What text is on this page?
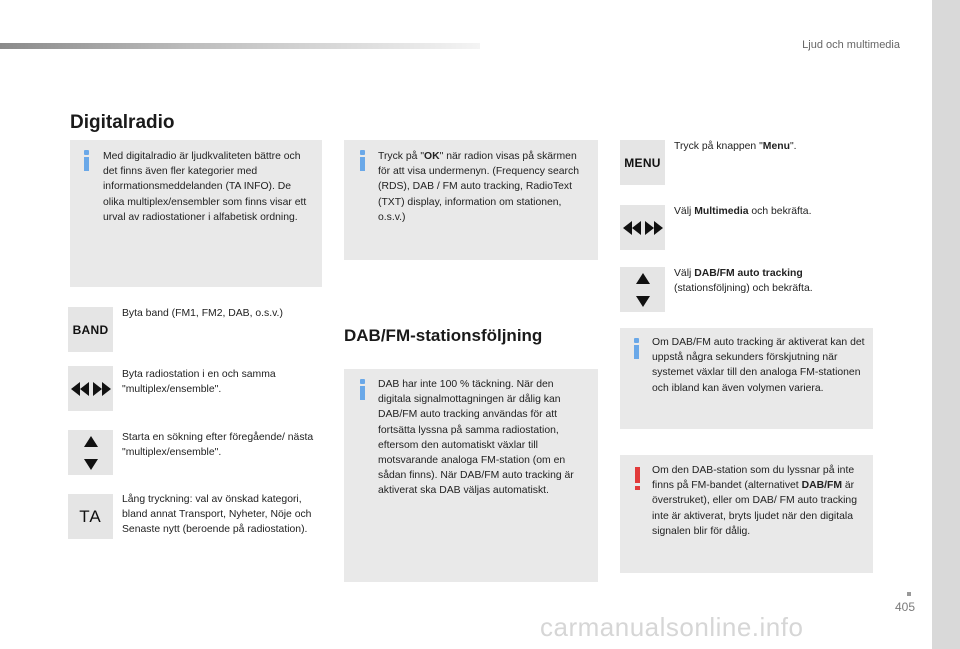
Ljud och multimedia
Digitalradio

Med digitalradio är ljudkvaliteten bättre och det finns även fler kategorier med informationsmeddelanden (TA INFO). De olika multiplex/ensembler som finns visar ett urval av radiostationer i alfabetisk ordning.

BAND

Byta band (FM1, FM2, DAB, o.s.v.)

Byta radiostation i en och samma "multiplex/ensemble".

Starta en sökning efter föregående/ nästa "multiplex/ensemble".

TA

Lång tryckning: val av önskad kategori, bland annat Transport, Nyheter, Nöje och Senaste nytt (beroende på radiostation).

Tryck på "OK" när radion visas på skärmen för att visa undermenyn. (Frequency search (RDS), DAB / FM auto tracking, RadioText (TXT) display, information om stationen, o.s.v.)

DAB/FM-stationsföljning

DAB har inte 100 % täckning. När den digitala signalmottagningen är dålig kan DAB/FM auto tracking användas för att fortsätta lyssna på samma radiostation, eftersom den automatiskt växlar till motsvarande analoga FM-station (om en sådan finns). När DAB/FM auto tracking är aktiverat ska DAB väljas automatiskt.

MENU

Tryck på knappen "Menu".

Välj Multimedia och bekräfta.

Välj DAB/FM auto tracking (stationsföljning) och bekräfta.

Om DAB/FM auto tracking är aktiverat kan det uppstå några sekunders förskjutning när systemet växlar till den analoga FM-stationen och ibland kan även volymen variera.

Om den DAB-station som du lyssnar på inte finns på FM-bandet (alternativet DAB/FM är överstruket), eller om DAB/ FM auto tracking inte är aktiverat, bryts ljudet när den digitala signalen blir för dålig.

405
carmanualsonline.info
